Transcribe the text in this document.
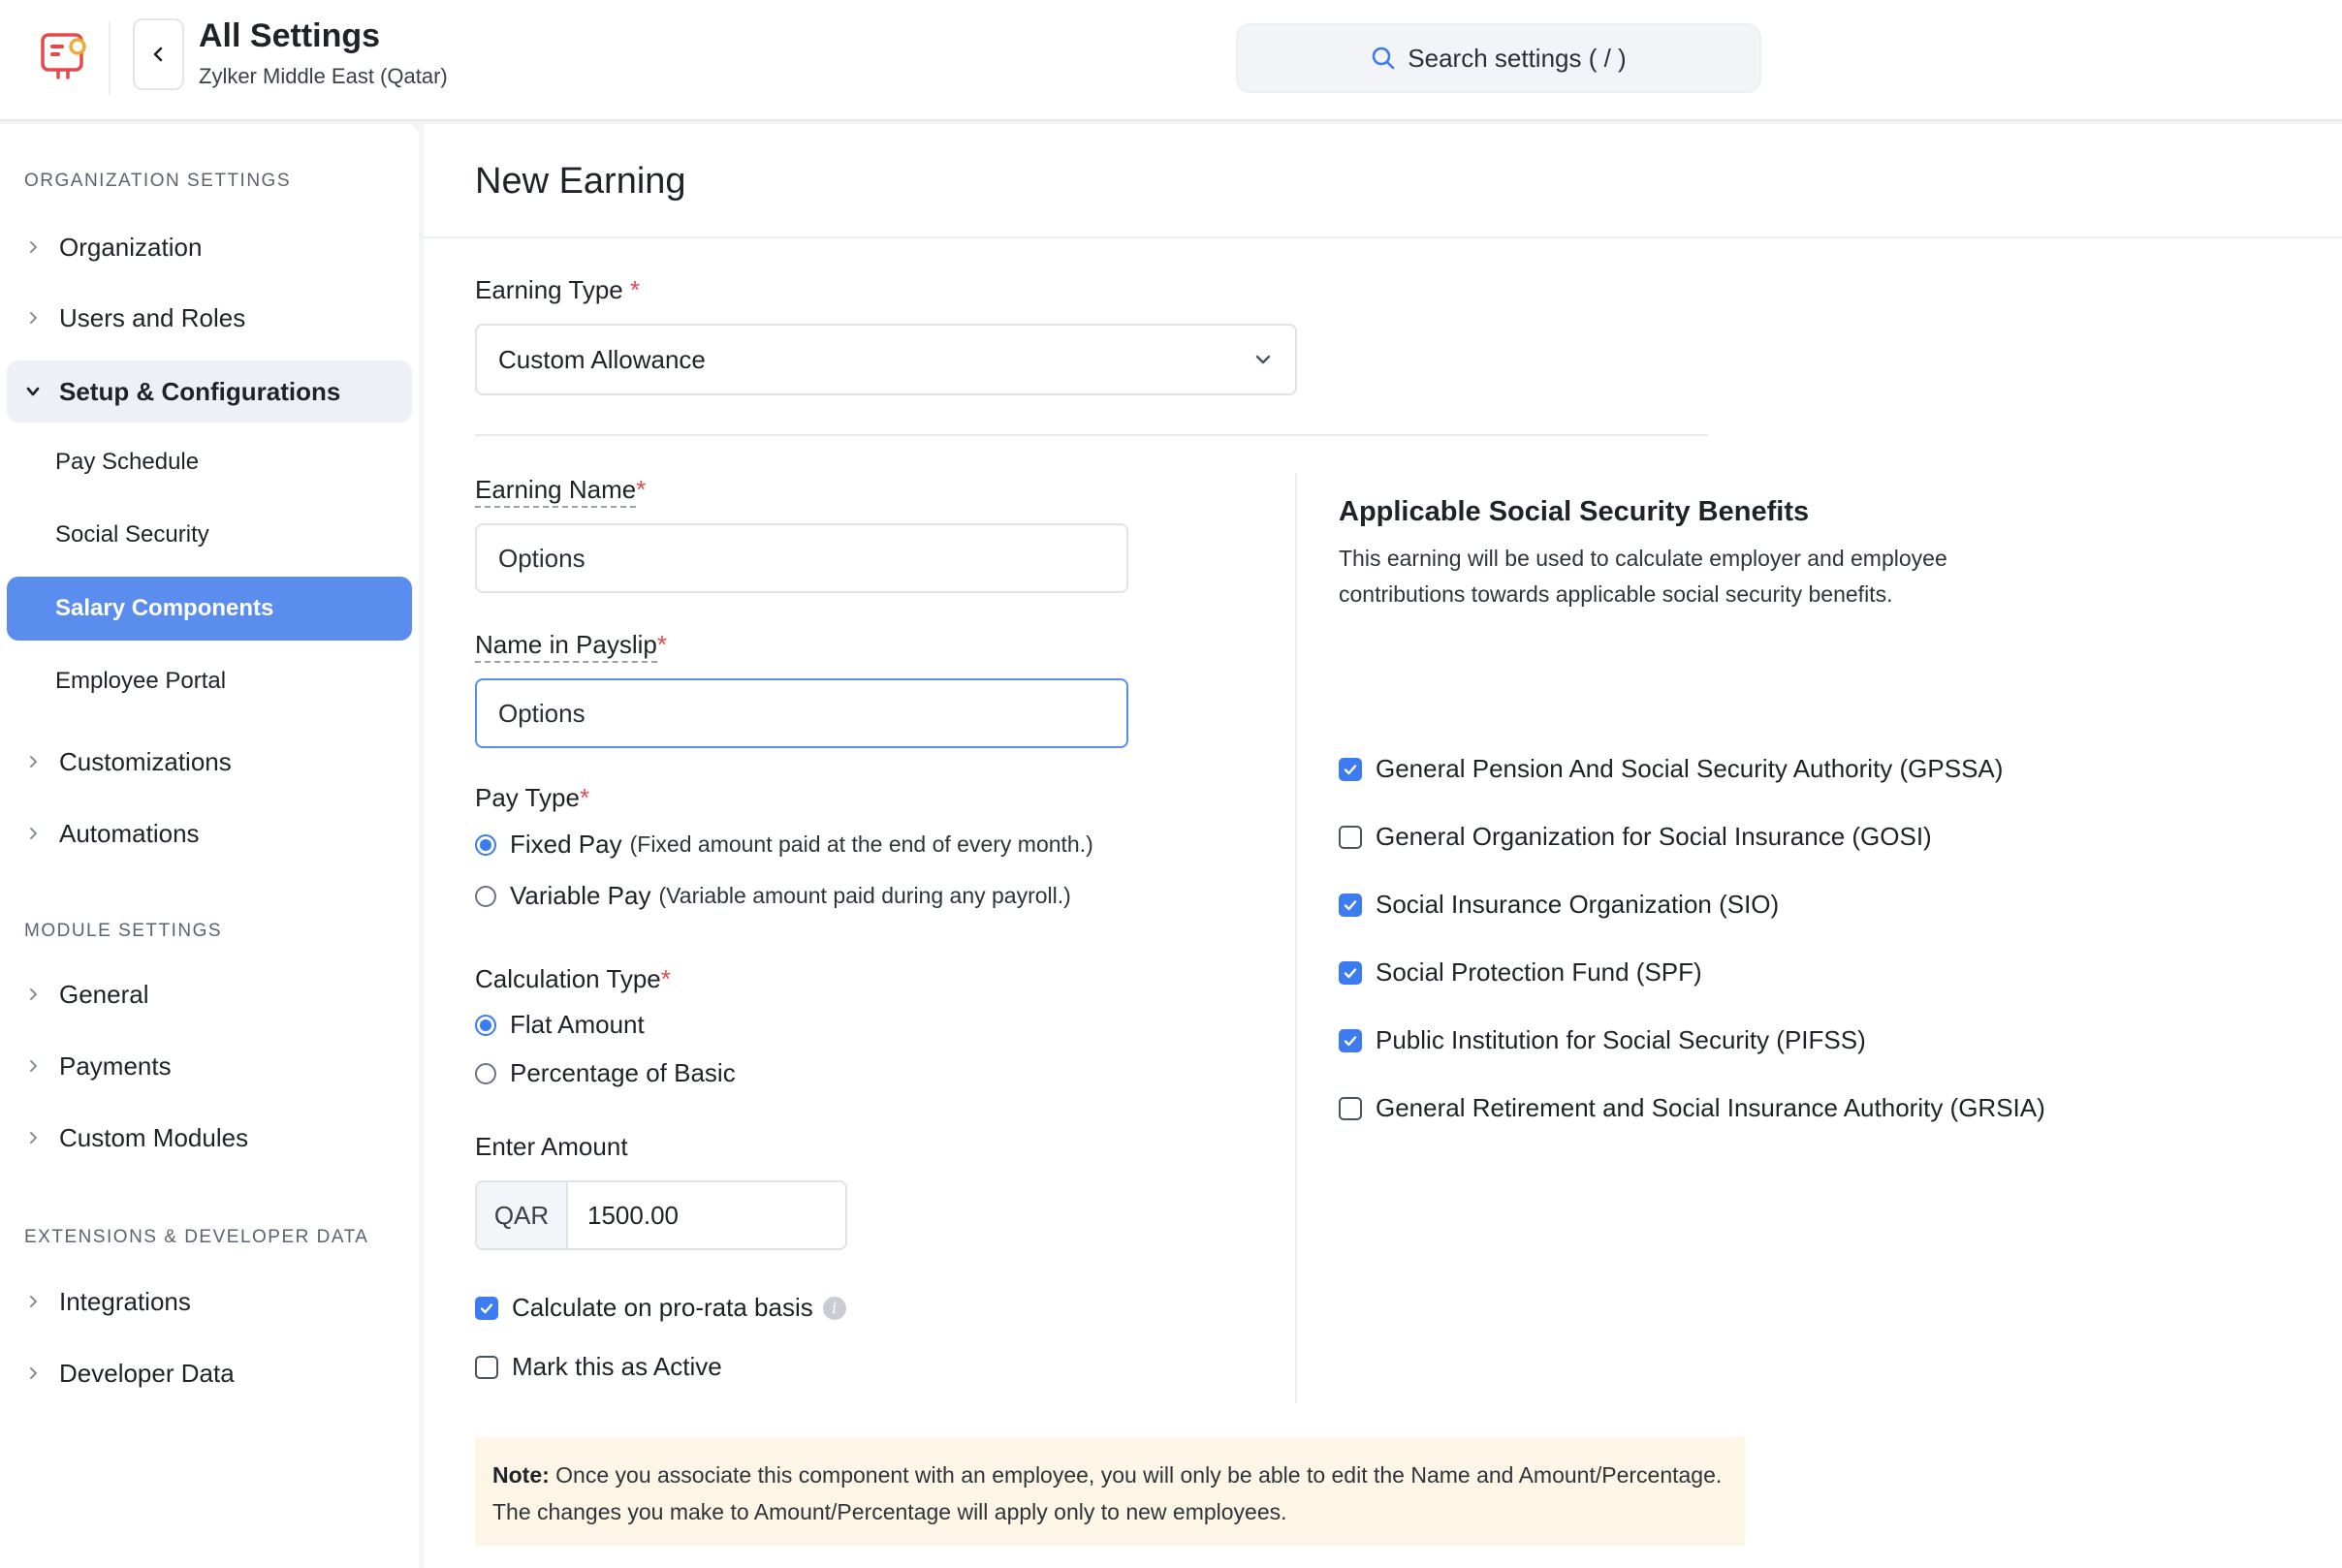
All Settings
Zylker Middle East (Qatar)
Search settings ( / )
ORGANIZATION SETTINGS
Organization
Users and Roles
Setup & Configurations
Pay Schedule
Social Security
Salary Components
Employee Portal
Customizations
Automations
MODULE SETTINGS
General
Payments
Custom Modules
EXTENSIONS & DEVELOPER DATA
Integrations
Developer Data
New Earning
Earning Type *
Custom Allowance
Earning Name*
Options
Name in Payslip*
Options
Pay Type*
Fixed Pay (Fixed amount paid at the end of every month.)
Variable Pay (Variable amount paid during any payroll.)
Calculation Type*
Flat Amount
Percentage of Basic
Enter Amount
QAR	1500.00
Calculate on pro-rata basis	i
Mark this as Active
Applicable Social Security Benefits
This earning will be used to calculate employer and employee contributions towards applicable social security benefits.
General Pension And Social Security Authority (GPSSA)
General Organization for Social Insurance (GOSI)
Social Insurance Organization (SIO)
Social Protection Fund (SPF)
Public Institution for Social Security (PIFSS)
General Retirement and Social Insurance Authority (GRSIA)
Note: Once you associate this component with an employee, you will only be able to edit the Name and Amount/Percentage. The changes you make to Amount/Percentage will apply only to new employees.
